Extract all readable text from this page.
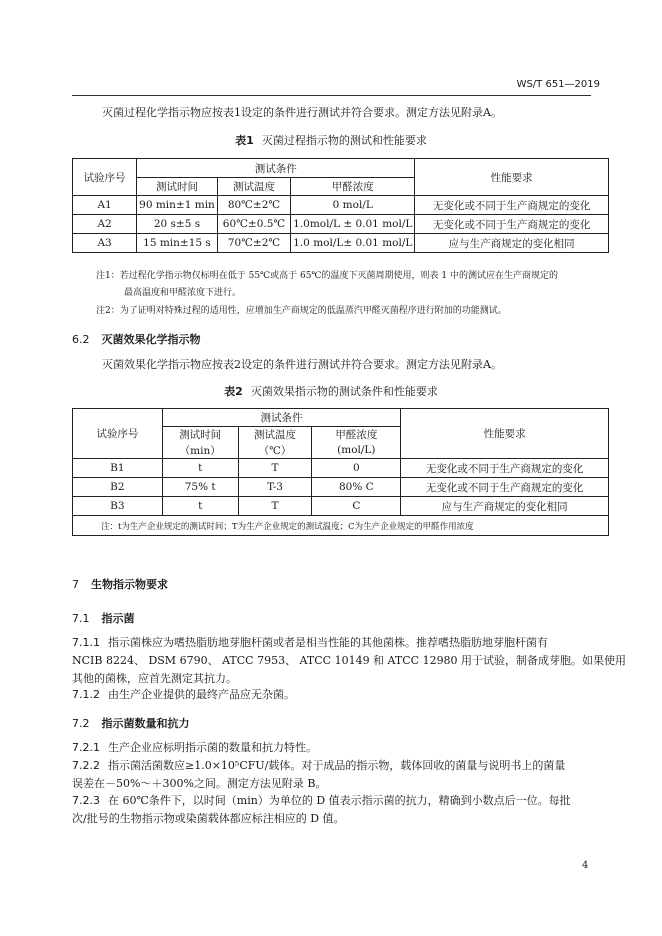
WS/T 651—2019
灭菌过程化学指示物应按表1设定的条件进行测试并符合要求。测定方法见附录A。
表1 灭菌过程指示物的测试和性能要求
试验序号	测试条件			性能要求
	测试时间	测试温度	甲醛浓度	
A1	90 min±1 min	80℃±2℃	0 mol/L	无变化或不同于生产商规定的变化
A2	20 s±5 s	60℃±0.5℃	1.0mol/L ± 0.01 mol/L	无变化或不同于生产商规定的变化
A3	15 min±15 s	70℃±2℃	1.0 mol/L± 0.01 mol/L	应与生产商规定的变化相同
注1：若过程化学指示物仅标明在低于 55℃或高于 65℃的温度下灭菌周期使用，则表 1 中的测试应在生产商规定的
最高温度和甲醛浓度下进行。
注2：为了证明对特殊过程的适用性，应增加生产商规定的低温蒸汽甲醛灭菌程序进行附加的功能测试。
6.2 灭菌效果化学指示物
灭菌效果化学指示物应按表2设定的条件进行测试并符合要求。测定方法见附录A。
表2 灭菌效果指示物的测试条件和性能要求
试验序号	测试条件			性能要求
	测试时间	测试温度	甲醛浓度	
	（min）	（℃）	(mol/L)	
B1	t	T	0	无变化或不同于生产商规定的变化
B2	75% t	T-3	80% C	无变化或不同于生产商规定的变化
B3	t	T	C	应与生产商规定的变化相同
注：t为生产企业规定的测试时间；T为生产企业规定的测试温度；C为生产企业规定的甲醛作用浓度				
7 生物指示物要求
7.1 指示菌
7.1.1 指示菌株应为嗜热脂肪地芽胞杆菌或者是相当性能的其他菌株。推荐嗜热脂肪地芽胞杆菌有
NCIB 8224、 DSM 6790、 ATCC 7953、 ATCC 10149 和 ATCC 12980 用于试验，制备成芽胞。如果使用
其他的菌株，应首先测定其抗力。
7.1.2 由生产企业提供的最终产品应无杂菌。
7.2 指示菌数量和抗力
7.2.1 生产企业应标明指示菌的数量和抗力特性。
7.2.2 指示菌活菌数应≥1.0×10⁵CFU/载体。对于成品的指示物，载体回收的菌量与说明书上的菌量
误差在－50%～＋300%之间。测定方法见附录 B。
7.2.3 在 60℃条件下，以时间（min）为单位的 D 值表示指示菌的抗力，精确到小数点后一位。每批
次/批号的生物指示物或染菌载体都应标注相应的 D 值。
4
